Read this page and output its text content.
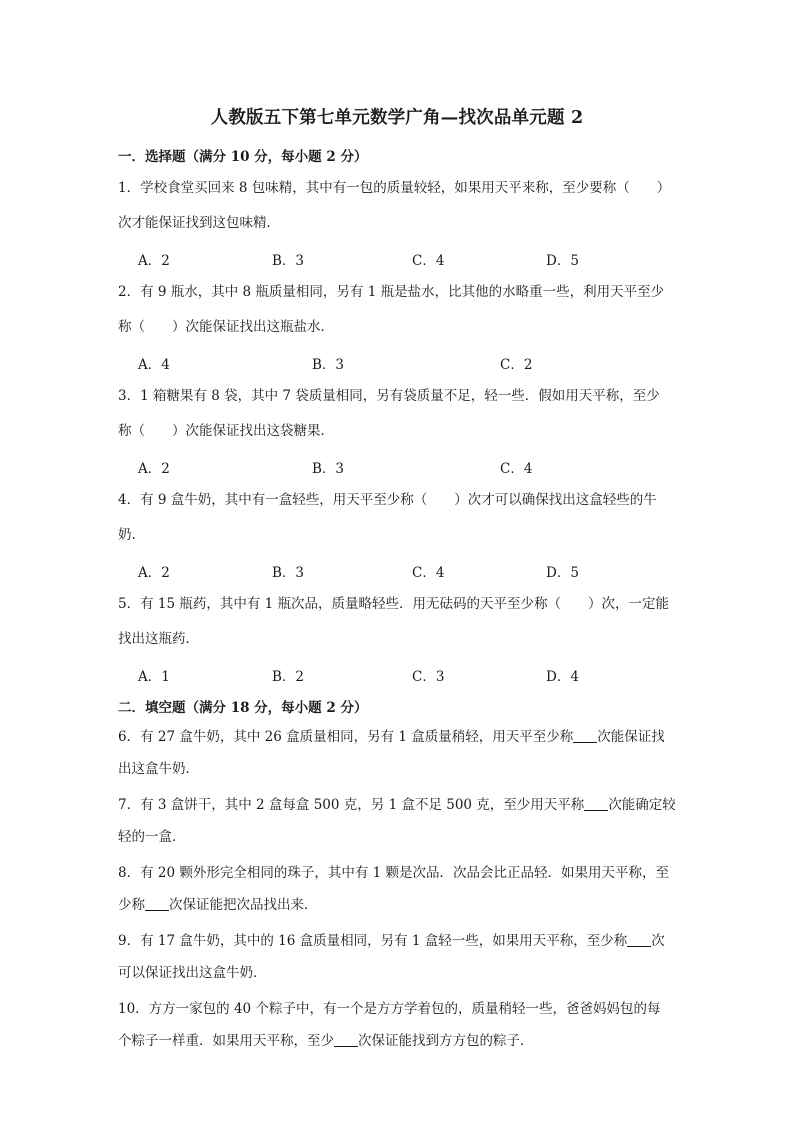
人教版五下第七单元数学广角—找次品单元题 2
一．选择题（满分 10 分，每小题 2 分）
1．学校食堂买回来 8 包味精，其中有一包的质量较轻，如果用天平来称，至少要称（　　）
次才能保证找到这包味精．
A．2	B．3	C．4	D．5
2．有 9 瓶水，其中 8 瓶质量相同，另有 1 瓶是盐水，比其他的水略重一些，利用天平至少
称（　　）次能保证找出这瓶盐水．
A．4	B．3	C．2
3．1 箱糖果有 8 袋，其中 7 袋质量相同，另有袋质量不足，轻一些．假如用天平称，至少
称（　　）次能保证找出这袋糖果．
A．2	B．3	C．4
4．有 9 盒牛奶，其中有一盒轻些，用天平至少称（　　）次才可以确保找出这盒轻些的牛
奶．
A．2	B．3	C．4	D．5
5．有 15 瓶药，其中有 1 瓶次品，质量略轻些．用无砝码的天平至少称（　　）次，一定能
找出这瓶药．
A．1	B．2	C．3	D．4
二．填空题（满分 18 分，每小题 2 分）
6．有 27 盒牛奶，其中 26 盒质量相同，另有 1 盒质量稍轻，用天平至少称 次能保证找
出这盒牛奶．
7．有 3 盒饼干，其中 2 盒每盒 500 克，另 1 盒不足 500 克，至少用天平称 次能确定较
轻的一盒．
8．有 20 颗外形完全相同的珠子，其中有 1 颗是次品．次品会比正品轻．如果用天平称，至
少称 次保证能把次品找出来．
9．有 17 盒牛奶，其中的 16 盒质量相同，另有 1 盒轻一些，如果用天平称，至少称 次
可以保证找出这盒牛奶．
10．方方一家包的 40 个粽子中，有一个是方方学着包的，质量稍轻一些，爸爸妈妈包的每
个粽子一样重．如果用天平称，至少 次保证能找到方方包的粽子．
